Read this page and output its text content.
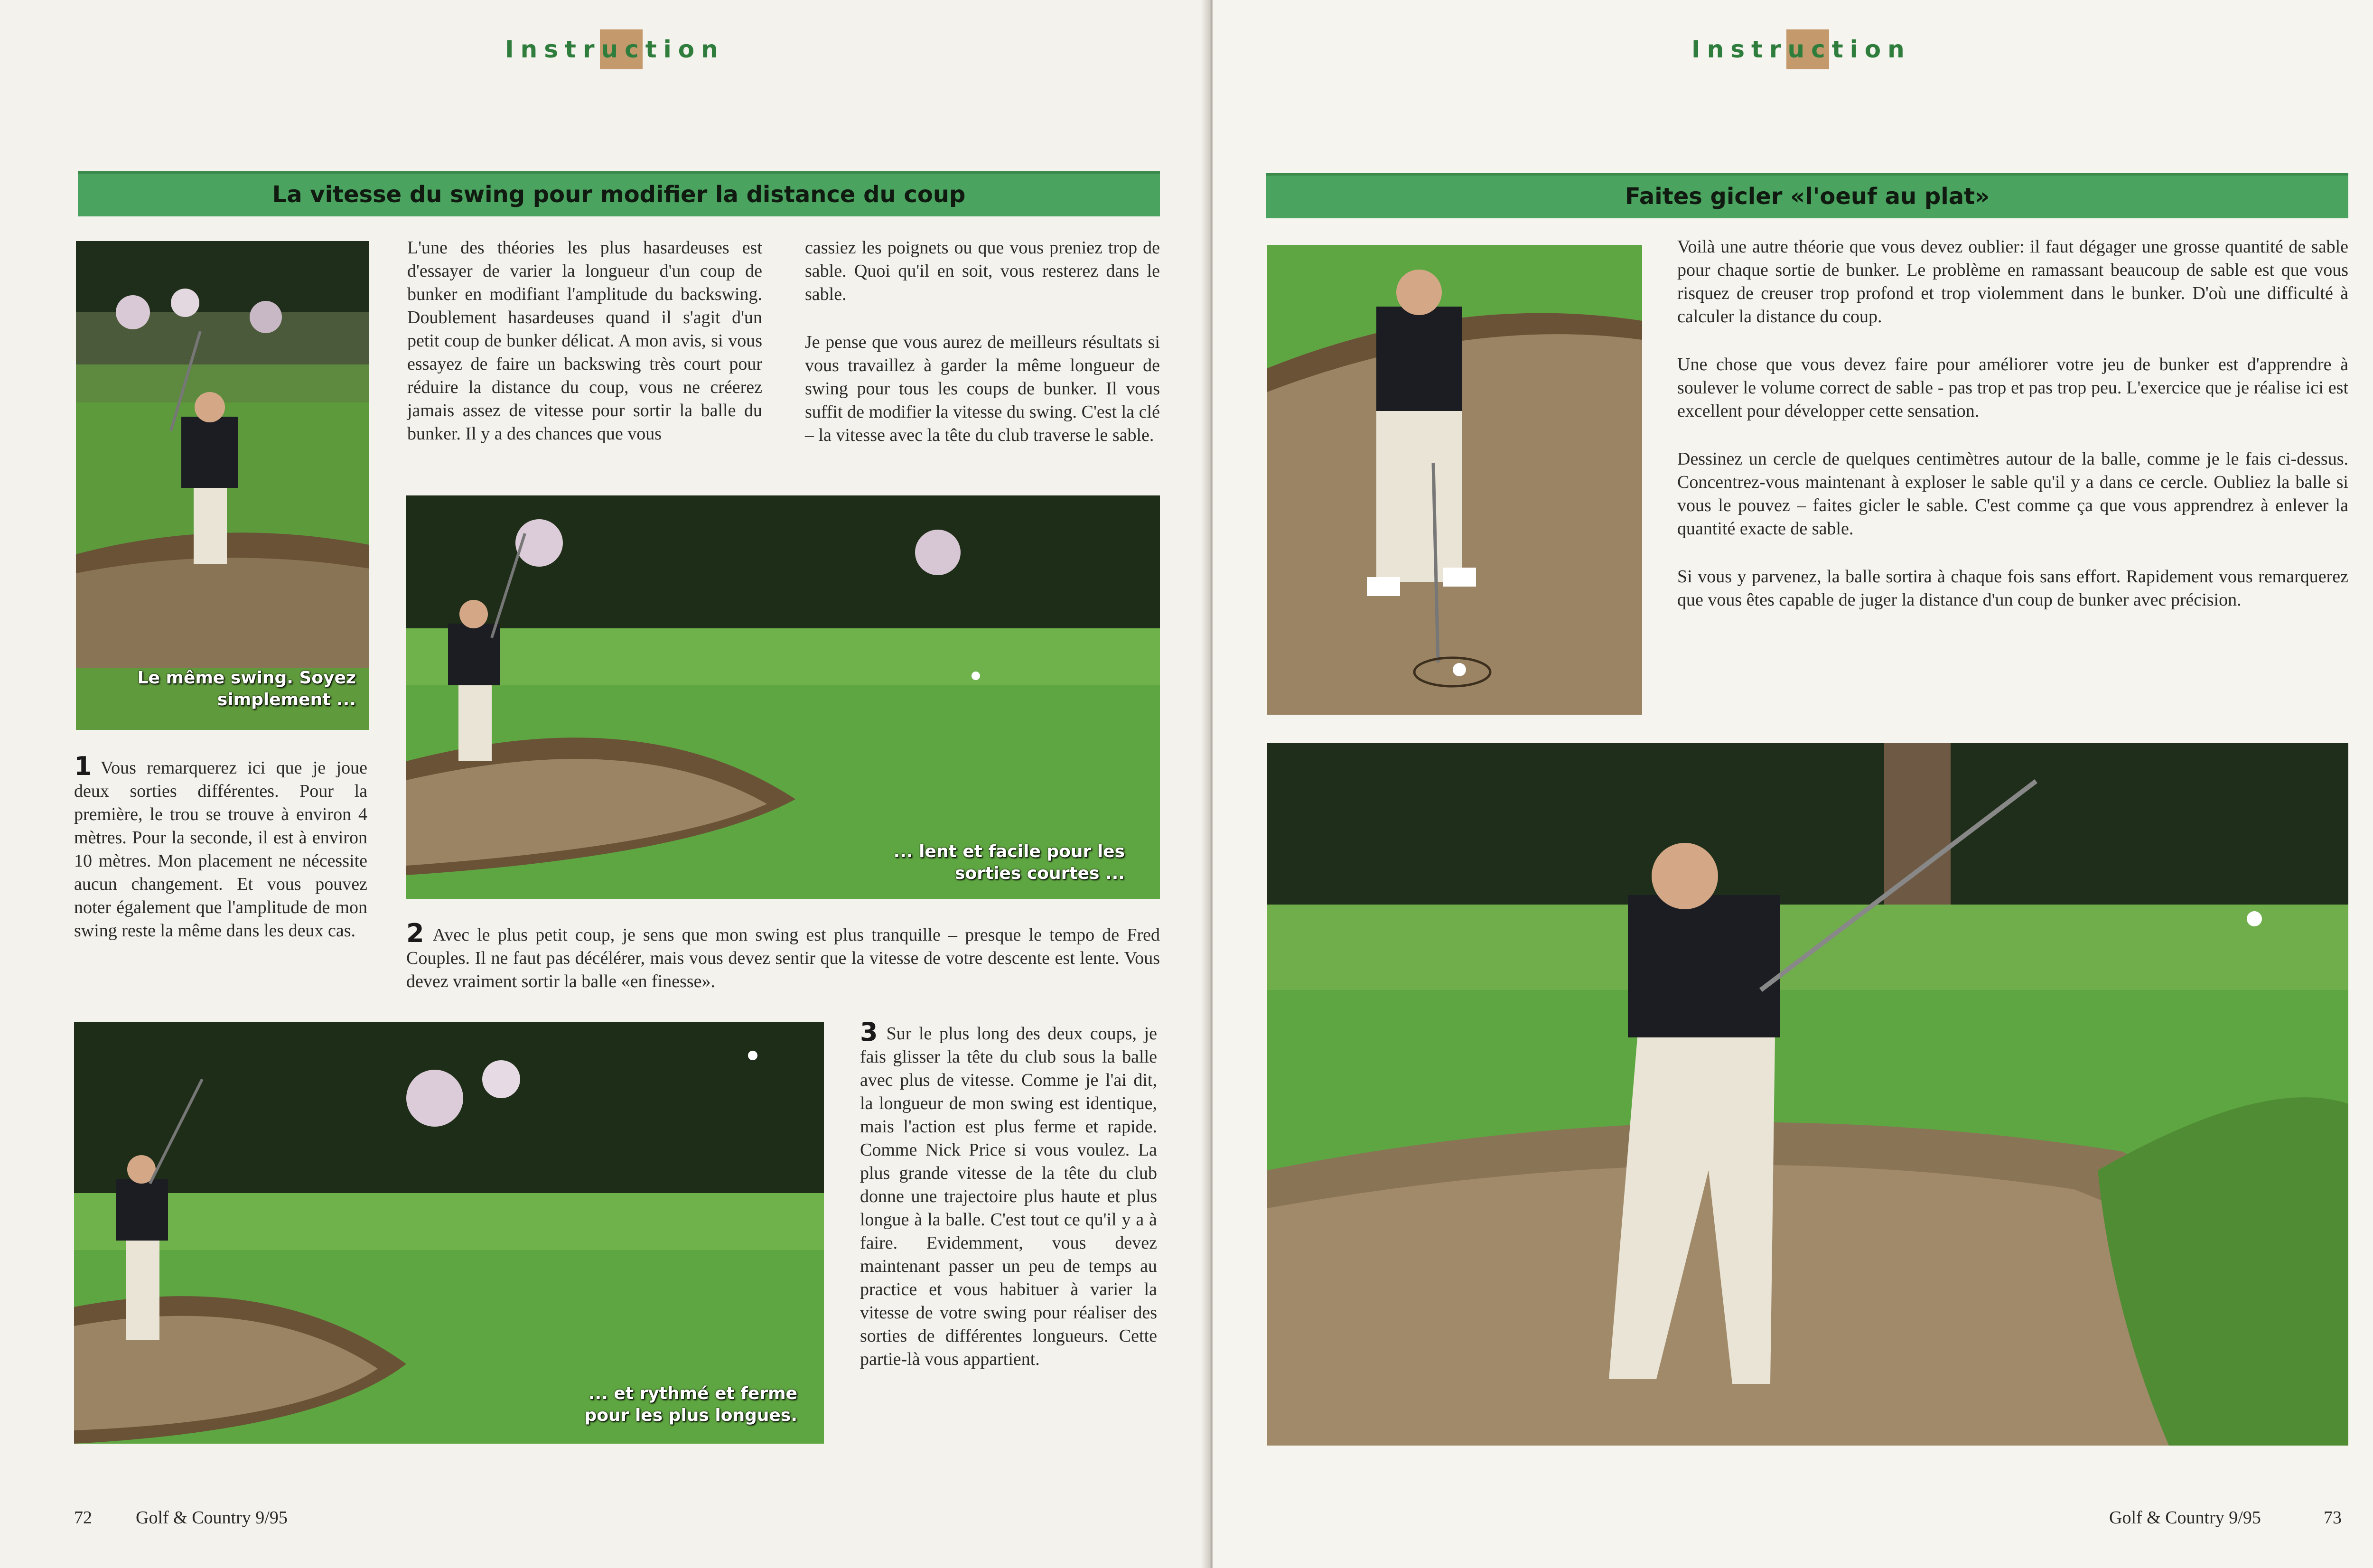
Instruction
La vitesse du swing pour modifier la distance du coup
Le même swing. Soyez simplement ...

L'une des théories les plus hasardeuses est d'essayer de varier la longueur d'un coup de bunker en modifiant l'amplitude du backswing. Doublement hasardeuses quand il s'agit d'un petit coup de bunker délicat. A mon avis, si vous essayez de faire un backswing très court pour réduire la distance du coup, vous ne créerez jamais assez de vitesse pour sortir la balle du bunker. Il y a des chances que vous

cassiez les poignets ou que vous preniez trop de sable. Quoi qu'il en soit, vous resterez dans le sable.

Je pense que vous aurez de meilleurs résultats si vous travaillez à garder la même longueur de swing pour tous les coups de bunker. Il vous suffit de modifier la vitesse du swing. C'est la clé – la vitesse avec la tête du club traverse le sable.

... lent et facile pour les sorties courtes ...

1 Vous remarquerez ici que je joue deux sorties différentes. Pour la première, le trou se trouve à environ 4 mètres. Pour la seconde, il est à environ 10 mètres. Mon placement ne nécessite aucun changement. Et vous pouvez noter également que l'amplitude de mon swing reste la même dans les deux cas.	2 Avec le plus petit coup, je sens que mon swing est plus tranquille – presque le tempo de Fred Couples. Il ne faut pas décélérer, mais vous devez sentir que la vitesse de votre descente est lente. Vous devez vraiment sortir la balle «en finesse».

... et rythmé et ferme pour les plus longues.

3 Sur le plus long des deux coups, je fais glisser la tête du club sous la balle avec plus de vitesse. Comme je l'ai dit, la longueur de mon swing est identique, mais l'action est plus ferme et rapide. Comme Nick Price si vous voulez. La plus grande vitesse de la tête du club donne une trajectoire plus haute et plus longue à la balle. C'est tout ce qu'il y a à faire. Evidemment, vous devez maintenant passer un peu de temps au practice et vous habituer à varier la vitesse de votre swing pour réaliser des sorties de différentes longueurs. Cette partie-là vous appartient.

72 Golf & Country 9/95
Instruction
Faites gicler «l'oeuf au plat»

Voilà une autre théorie que vous devez oublier: il faut dégager une grosse quantité de sable pour chaque sortie de bunker. Le problème en ramassant beaucoup de sable est que vous risquez de creuser trop profond et trop violemment dans le bunker. D'où une difficulté à calculer la distance du coup.

Une chose que vous devez faire pour améliorer votre jeu de bunker est d'apprendre à soulever le volume correct de sable - pas trop et pas trop peu. L'exercice que je réalise ici est excellent pour développer cette sensation.

Dessinez un cercle de quelques centimètres autour de la balle, comme je le fais ci-dessus. Concentrez-vous maintenant à exploser le sable qu'il y a dans ce cercle. Oubliez la balle si vous le pouvez – faites gicler le sable. C'est comme ça que vous apprendrez à enlever la quantité exacte de sable.

Si vous y parvenez, la balle sortira à chaque fois sans effort. Rapidement vous remarquerez que vous êtes capable de juger la distance d'un coup de bunker avec précision.

Golf & Country 9/95	73
